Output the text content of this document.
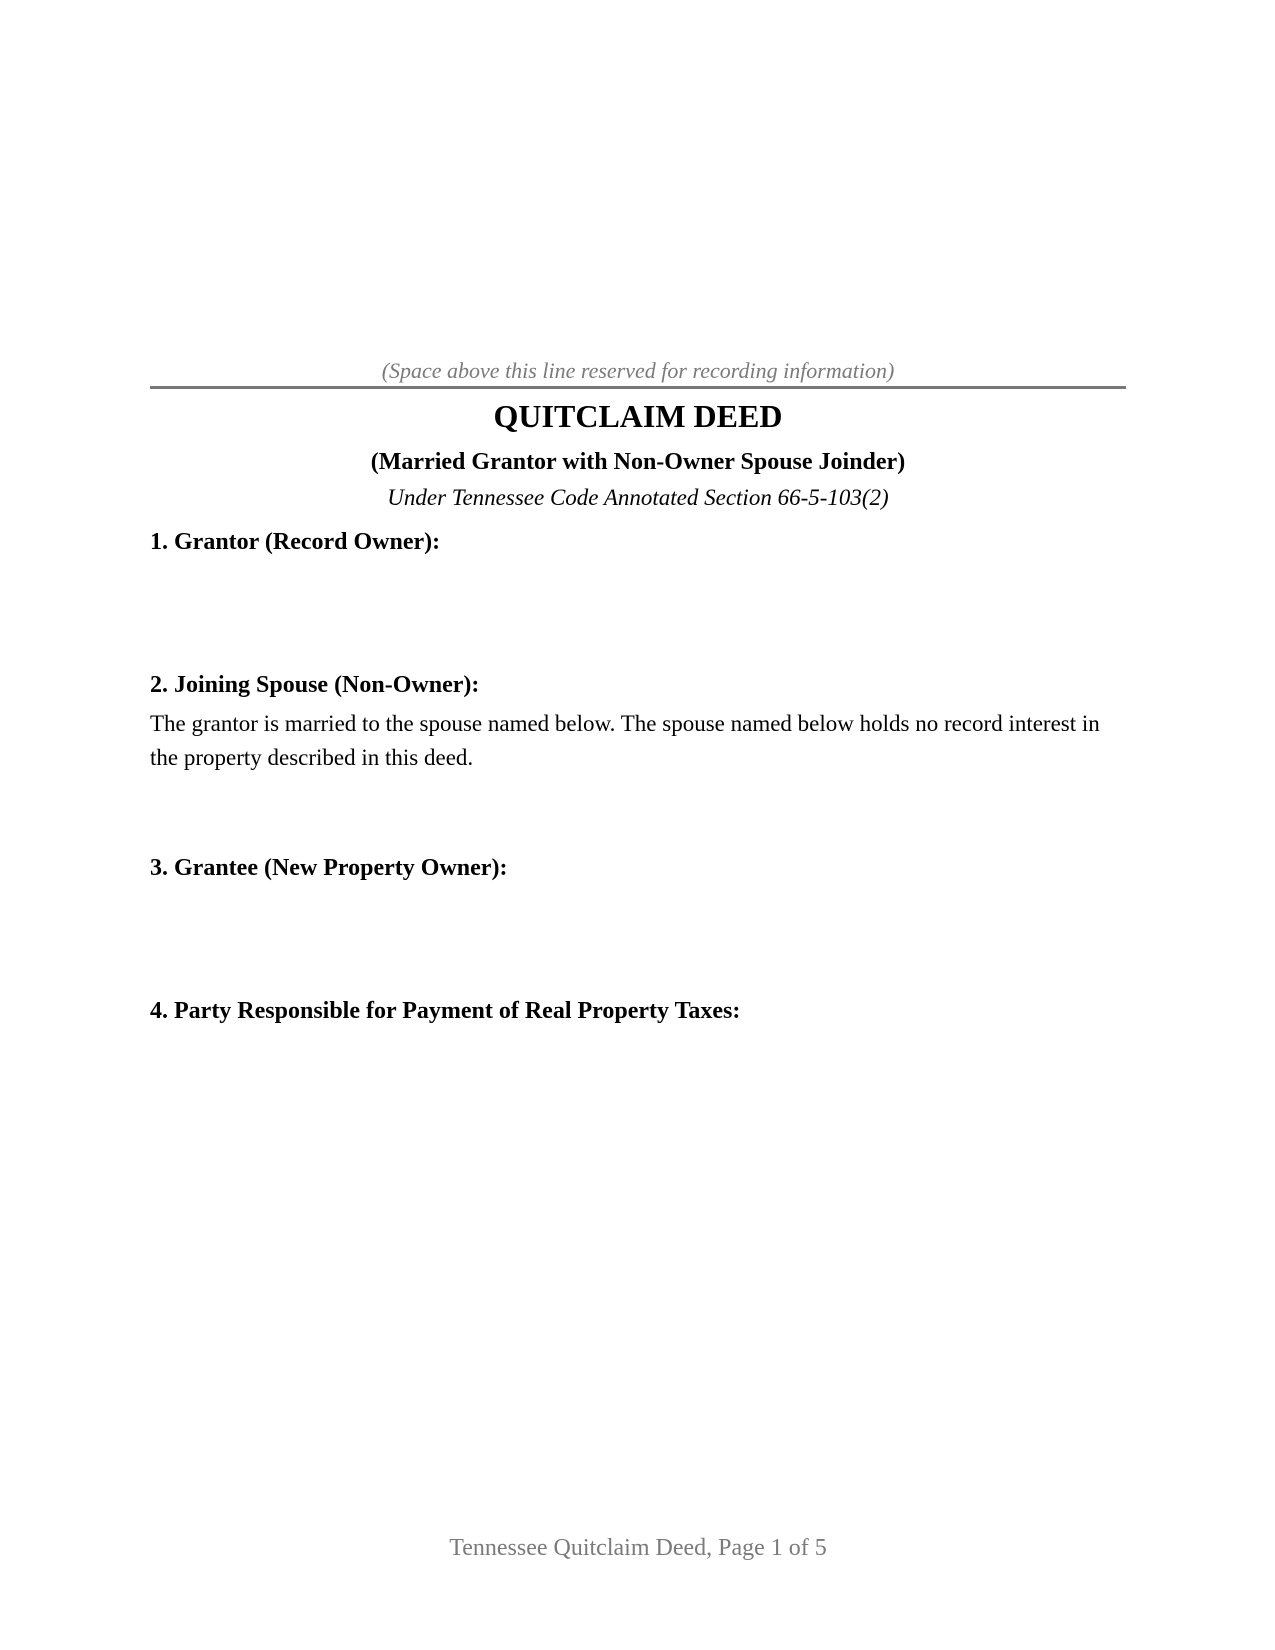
(Space above this line reserved for recording information)
QUITCLAIM DEED
(Married Grantor with Non-Owner Spouse Joinder)
Under Tennessee Code Annotated Section 66-5-103(2)
1. Grantor (Record Owner):
2. Joining Spouse (Non-Owner):
The grantor is married to the spouse named below. The spouse named below holds no record interest in the property described in this deed.
3. Grantee (New Property Owner):
4. Party Responsible for Payment of Real Property Taxes:
Tennessee Quitclaim Deed, Page 1 of 5
